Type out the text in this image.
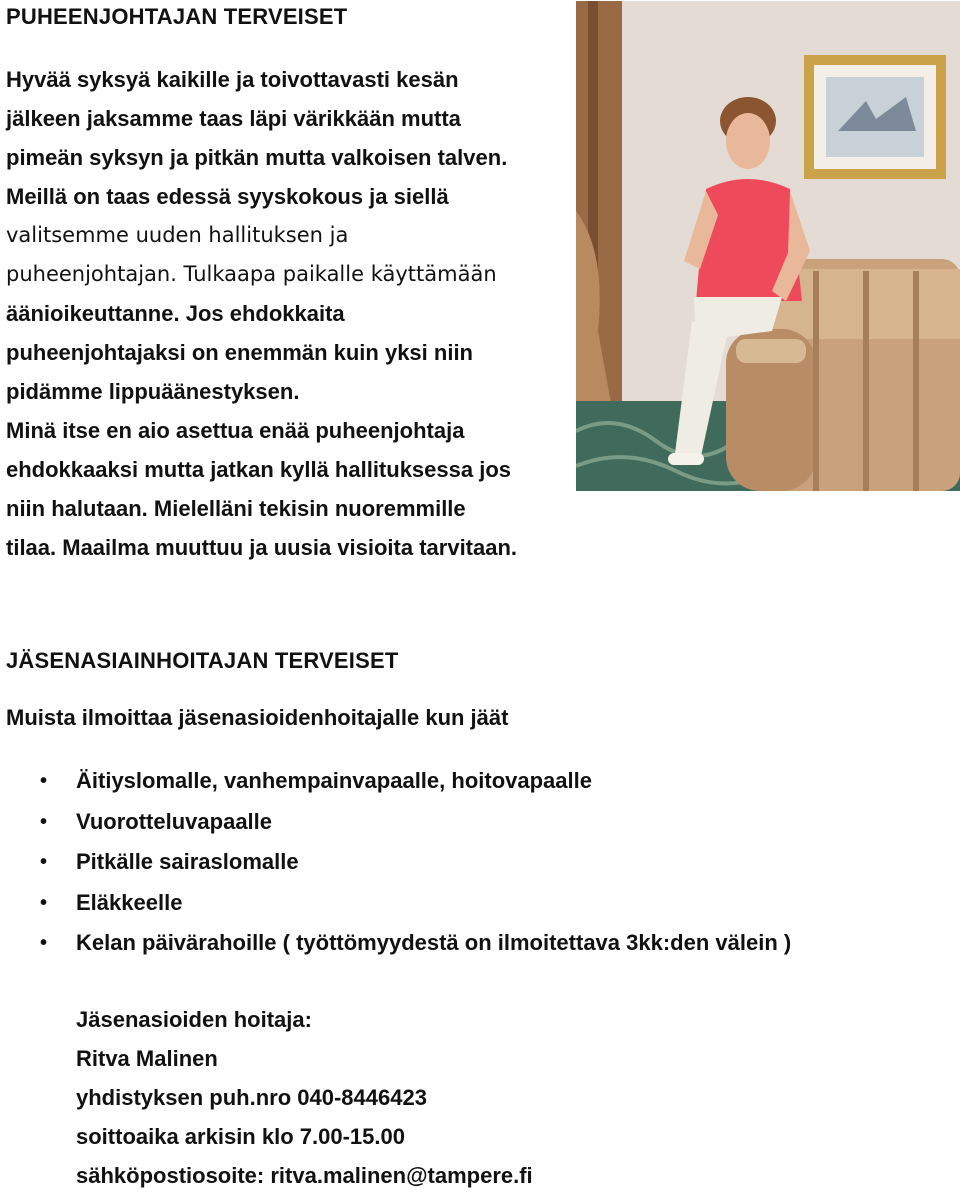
PUHEENJOHTAJAN TERVEISET
Hyvää syksyä kaikille ja toivottavasti kesän
jälkeen jaksamme taas läpi värikkään mutta
pimeän syksyn ja pitkän mutta valkoisen talven.
Meillä on taas edessä syyskokous ja siellä
valitsemme uuden hallituksen ja
puheenjohtajan. Tulkaapa paikalle käyttämään
äänioikeuttanne. Jos ehdokkaita
puheenjohtajaksi on enemmän kuin yksi niin
pidämme lippuäänestyksen.
Minä itse en aio asettua enää puheenjohtaja
ehdokkaaksi mutta jatkan kyllä hallituksessa jos
niin halutaan. Mielelläni tekisin nuoremmille
tilaa. Maailma muuttuu ja uusia visioita tarvitaan.
JÄSENASIAINHOITAJAN TERVEISET

Muista ilmoittaa jäsenasioidenhoitajalle kun jäät

• Äitiyslomalle, vanhempainvapaalle, hoitovapaalle
• Vuorotteluvapaalle
• Pitkälle sairaslomalle
• Eläkkeelle
• Kelan päivärahoille ( työttömyydestä on ilmoitettava 3kk:den välein )
Jäsenasioiden hoitaja:
Ritva Malinen
yhdistyksen puh.nro 040-8446423
soittoaika arkisin klo 7.00-15.00
sähköpostiosoite: ritva.malinen@tampere.fi
